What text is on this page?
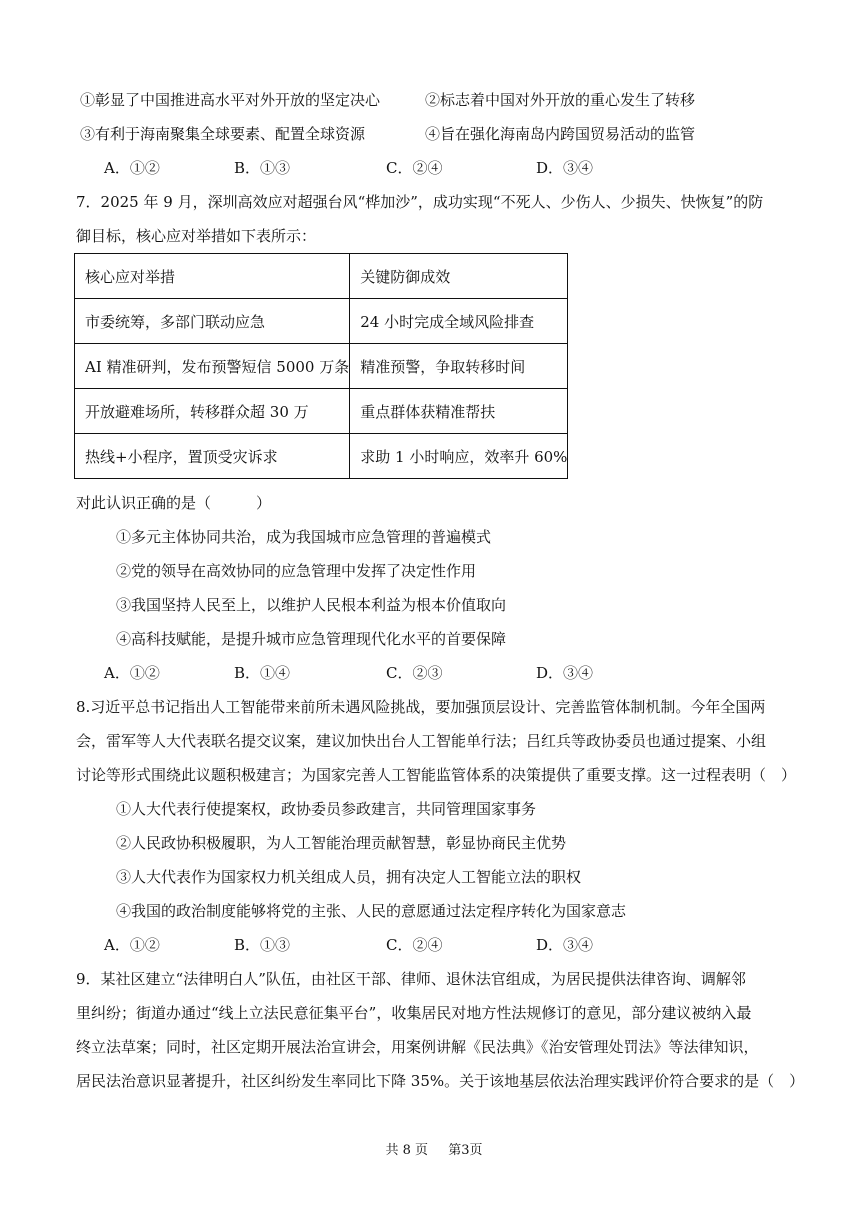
①彰显了中国推进高水平对外开放的坚定决心	②标志着中国对外开放的重心发生了转移
③有利于海南聚集全球要素、配置全球资源	④旨在强化海南岛内跨国贸易活动的监管
A．①②	B．①③	C．②④	D．③④
7．2025 年 9 月，深圳高效应对超强台风“桦加沙”，成功实现“不死人、少伤人、少损失、快恢复”的防
御目标，核心应对举措如下表所示：
核心应对举措	关键防御成效
市委统筹，多部门联动应急	24 小时完成全域风险排查
AI 精准研判，发布预警短信 5000 万条	精准预警，争取转移时间
开放避难场所，转移群众超 30 万	重点群体获精准帮扶
热线+小程序，置顶受灾诉求	求助 1 小时响应，效率升 60%
对此认识正确的是（　　　）
①多元主体协同共治，成为我国城市应急管理的普遍模式
②党的领导在高效协同的应急管理中发挥了决定性作用
③我国坚持人民至上，以维护人民根本利益为根本价值取向
④高科技赋能，是提升城市应急管理现代化水平的首要保障
A．①②	B．①④	C．②③	D．③④
8.习近平总书记指出人工智能带来前所未遇风险挑战，要加强顶层设计、完善监管体制机制。今年全国两
会，雷军等人大代表联名提交议案，建议加快出台人工智能单行法；吕红兵等政协委员也通过提案、小组
讨论等形式围绕此议题积极建言；为国家完善人工智能监管体系的决策提供了重要支撑。这一过程表明（　）
①人大代表行使提案权，政协委员参政建言，共同管理国家事务
②人民政协积极履职，为人工智能治理贡献智慧，彰显协商民主优势
③人大代表作为国家权力机关组成人员，拥有决定人工智能立法的职权
④我国的政治制度能够将党的主张、人民的意愿通过法定程序转化为国家意志
A．①②	B．①③	C．②④	D．③④
9．某社区建立“法律明白人”队伍，由社区干部、律师、退休法官组成，为居民提供法律咨询、调解邻
里纠纷；街道办通过“线上立法民意征集平台”，收集居民对地方性法规修订的意见，部分建议被纳入最
终立法草案；同时，社区定期开展法治宣讲会，用案例讲解《民法典》《治安管理处罚法》等法律知识，
居民法治意识显著提升，社区纠纷发生率同比下降 35%。关于该地基层依法治理实践评价符合要求的是（　）
共 8 页 第3页
